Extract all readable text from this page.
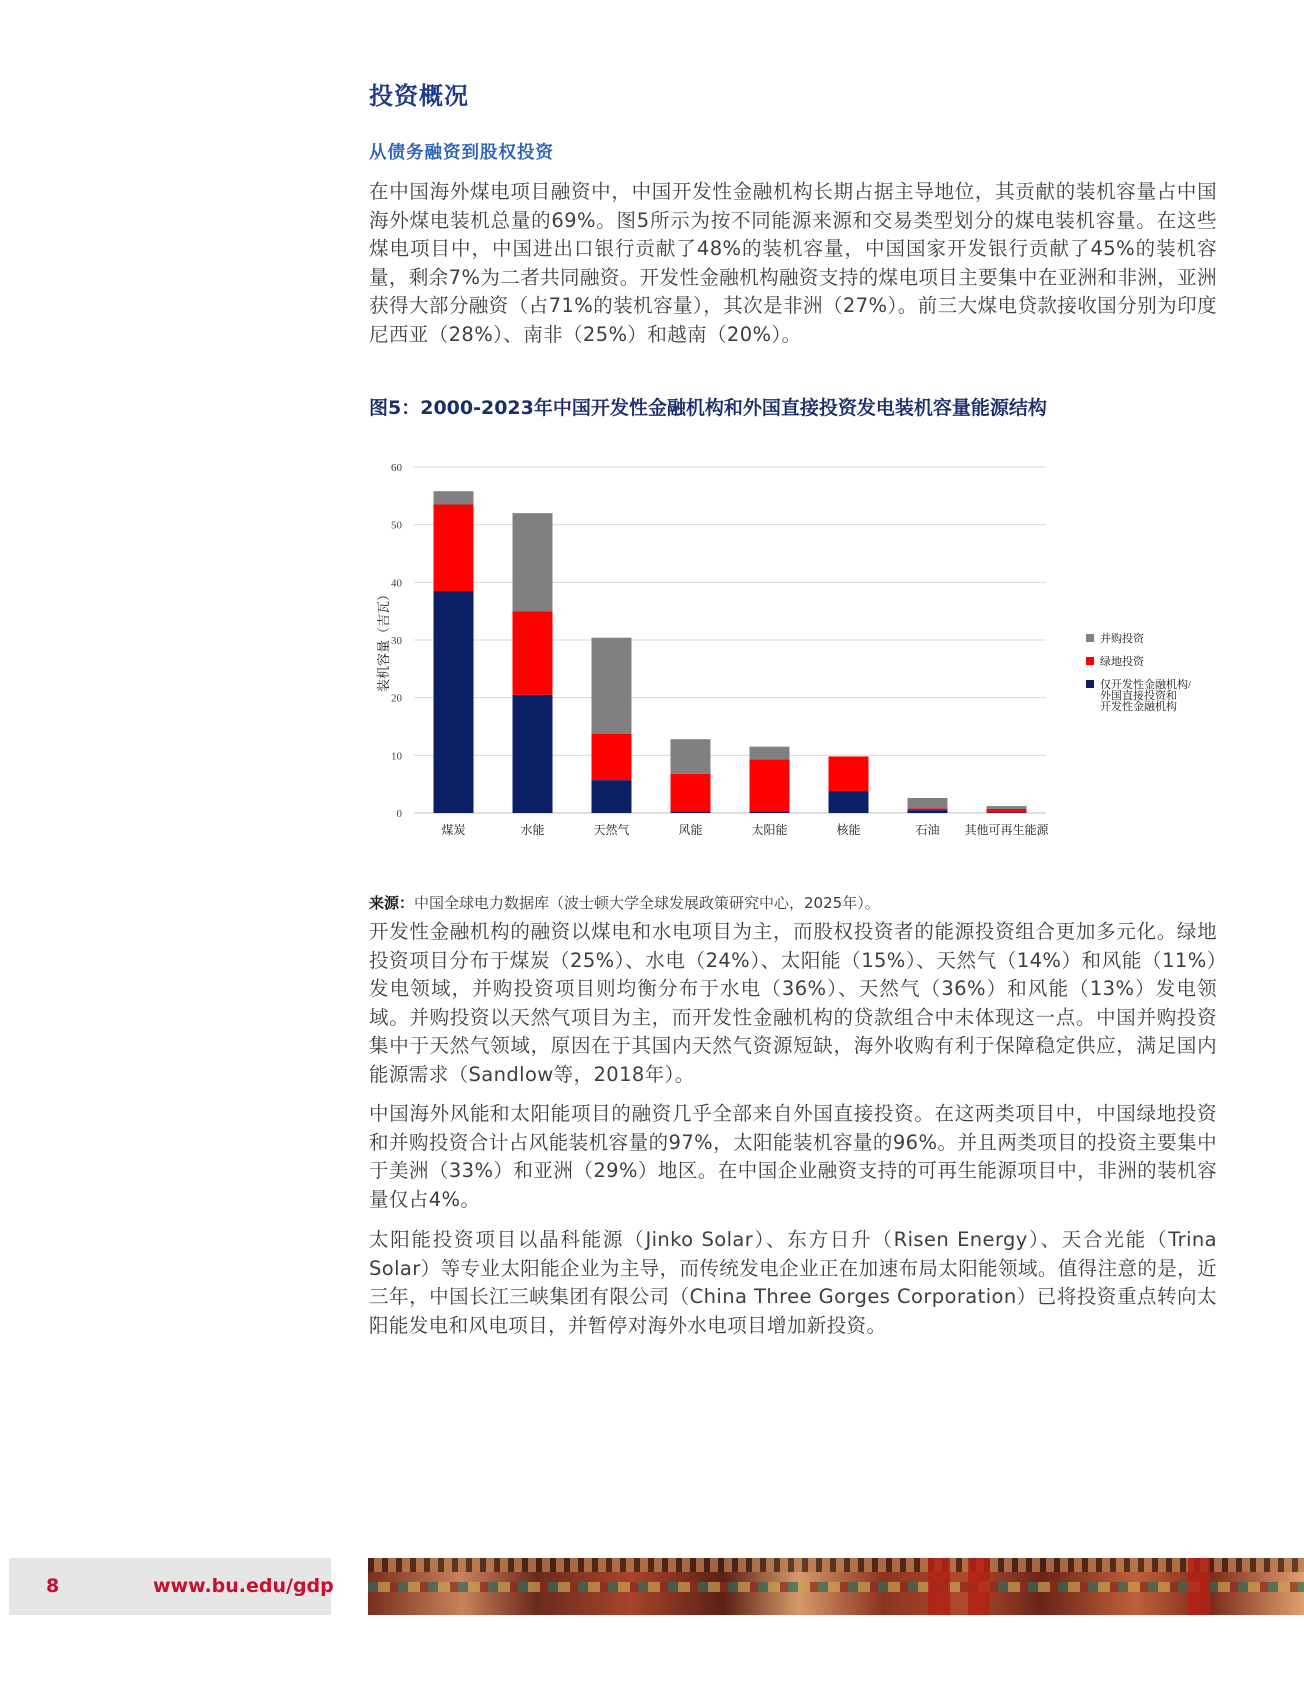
投资概况
从债务融资到股权投资

在中国海外煤电项目融资中，中国开发性金融机构长期占据主导地位，其贡献的装机容量占中国海外煤电装机总量的69%。图5所示为按不同能源来源和交易类型划分的煤电装机容量。在这些煤电项目中，中国进出口银行贡献了48%的装机容量，中国国家开发银行贡献了45%的装机容量，剩余7%为二者共同融资。开发性金融机构融资支持的煤电项目主要集中在亚洲和非洲，亚洲获得大部分融资（占71%的装机容量），其次是非洲（27%）。前三大煤电贷款接收国分别为印度尼西亚（28%）、南非（25%）和越南（20%）。

图5：2000-2023年中国开发性金融机构和外国直接投资发电装机容量能源结构
0
10
20
30
40
50
60
装机容量（吉瓦）
煤炭	水能	天然气	风能	太阳能	核能	石油 其他可再生能源
并购投资
绿地投资
仅开发性金融机构/
外国直接投资和
开发性金融机构

来源：中国全球电力数据库（波士顿大学全球发展政策研究中心，2025年）。

开发性金融机构的融资以煤电和水电项目为主，而股权投资者的能源投资组合更加多元化。绿地投资项目分布于煤炭（25%）、水电（24%）、太阳能（15%）、天然气（14%）和风能（11%）发电领域，并购投资项目则均衡分布于水电（36%）、天然气（36%）和风能（13%）发电领域。并购投资以天然气项目为主，而开发性金融机构的贷款组合中未体现这一点。中国并购投资集中于天然气领域，原因在于其国内天然气资源短缺，海外收购有利于保障稳定供应，满足国内能源需求（Sandlow等，2018年）。

中国海外风能和太阳能项目的融资几乎全部来自外国直接投资。在这两类项目中，中国绿地投资和并购投资合计占风能装机容量的97%，太阳能装机容量的96%。并且两类项目的投资主要集中于美洲（33%）和亚洲（29%）地区。在中国企业融资支持的可再生能源项目中，非洲的装机容量仅占4%。

太阳能投资项目以晶科能源（Jinko Solar）、东方日升（Risen Energy）、天合光能（Trina Solar）等专业太阳能企业为主导，而传统发电企业正在加速布局太阳能领域。值得注意的是，近三年，中国长江三峡集团有限公司（China Three Gorges Corporation）已将投资重点转向太阳能发电和风电项目，并暂停对海外水电项目增加新投资。

8	www.bu.edu/gdp
